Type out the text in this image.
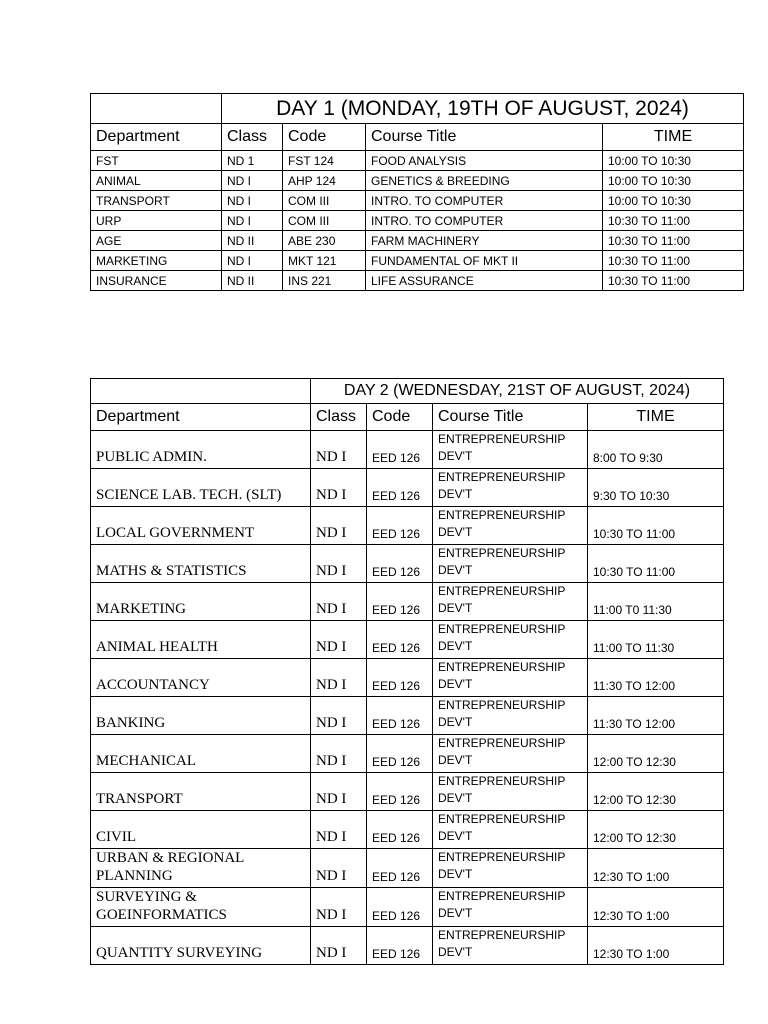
	DAY 1 (MONDAY, 19TH OF AUGUST, 2024)			
Department	Class	Code	Course Title	TIME
FST	ND 1	FST 124	FOOD ANALYSIS	10:00 TO 10:30
ANIMAL	ND I	AHP 124	GENETICS & BREEDING	10:00 TO 10:30
TRANSPORT	ND I	COM III	INTRO. TO COMPUTER	10:00 TO 10:30
URP	ND I	COM III	INTRO. TO COMPUTER	10:30 TO 11:00
AGE	ND II	ABE 230	FARM MACHINERY	10:30 TO 11:00
MARKETING	ND I	MKT 121	FUNDAMENTAL OF MKT II	10:30 TO 11:00
INSURANCE	ND II	INS 221	LIFE ASSURANCE	10:30 TO 11:00
	DAY 2 (WEDNESDAY, 21ST OF AUGUST, 2024)			
Department	Class	Code	Course Title	TIME
PUBLIC ADMIN.	ND I	EED 126	ENTREPRENEURSHIP DEV'T	8:00 TO 9:30
SCIENCE LAB. TECH. (SLT)	ND I	EED 126	ENTREPRENEURSHIP DEV'T	9:30 TO 10:30
LOCAL GOVERNMENT	ND I	EED 126	ENTREPRENEURSHIP DEV'T	10:30 TO 11:00
MATHS & STATISTICS	ND I	EED 126	ENTREPRENEURSHIP DEV'T	10:30 TO 11:00
MARKETING	ND I	EED 126	ENTREPRENEURSHIP DEV'T	11:00 T0 11:30
ANIMAL HEALTH	ND I	EED 126	ENTREPRENEURSHIP DEV'T	11:00 TO 11:30
ACCOUNTANCY	ND I	EED 126	ENTREPRENEURSHIP DEV'T	11:30 TO 12:00
BANKING	ND I	EED 126	ENTREPRENEURSHIP DEV'T	11:30 TO 12:00
MECHANICAL	ND I	EED 126	ENTREPRENEURSHIP DEV'T	12:00 TO 12:30
TRANSPORT	ND I	EED 126	ENTREPRENEURSHIP DEV'T	12:00 TO 12:30
CIVIL	ND I	EED 126	ENTREPRENEURSHIP DEV'T	12:00 TO 12:30
URBAN & REGIONAL PLANNING	ND I	EED 126	ENTREPRENEURSHIP DEV'T	12:30 TO 1:00
SURVEYING & GOEINFORMATICS	ND I	EED 126	ENTREPRENEURSHIP DEV'T	12:30 TO 1:00
QUANTITY SURVEYING	ND I	EED 126	ENTREPRENEURSHIP DEV'T	12:30 TO 1:00
